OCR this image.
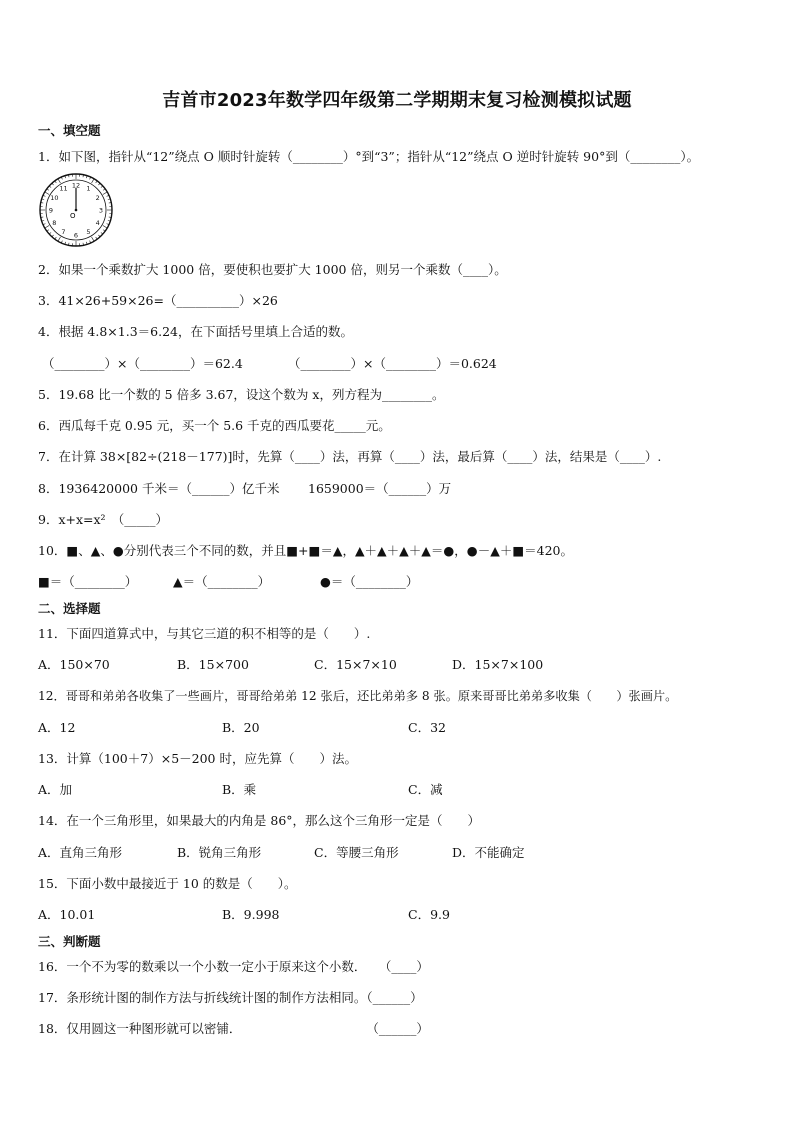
吉首市2023年数学四年级第二学期期末复习检测模拟试题
一、填空题
1．如下图，指针从“12”绕点 O 顺时针旋转（________）°到“3”；指针从“12”绕点 O 逆时针旋转 90°到（________）。
12 1
2
3
4
5
6
7
8
9
10
11
O
2．如果一个乘数扩大 1000 倍，要使积也要扩大 1000 倍，则另一个乘数（____）。
3．41×26+59×26=（__________）×26
4．根据 4.8×1.3＝6.24，在下面括号里填上合适的数。
（________）×（________）＝62.4	（________）×（________）＝0.624
5．19.68 比一个数的 5 倍多 3.67，设这个数为 x，列方程为________。
6．西瓜每千克 0.95 元，买一个 5.6 千克的西瓜要花_____元。
7．在计算 38×[82÷(218－177)]时，先算（____）法，再算（____）法，最后算（____）法，结果是（____）.
8．1936420000 千米＝（______）亿千米 1659000＝（______）万
9．x+x=x²　（_____）
10．■、▲、●分别代表三个不同的数，并且■+■＝▲，▲＋▲＋▲＋▲＝●，●－▲＋■＝420。
■＝（________）	▲＝（________）	●＝（________）
二、选择题
11．下面四道算式中，与其它三道的积不相等的是（　　）.
A．150×70	B．15×700	C．15×7×10	D．15×7×100
12．哥哥和弟弟各收集了一些画片，哥哥给弟弟 12 张后，还比弟弟多 8 张。原来哥哥比弟弟多收集（　　）张画片。
A．12	B．20	C．32
13．计算（100＋7）×5－200 时，应先算（　　）法。
A．加	B．乘	C．减
14．在一个三角形里，如果最大的内角是 86°，那么这个三角形一定是（　　）
A．直角三角形	B．锐角三角形	C．等腰三角形	D．不能确定
15．下面小数中最接近于 10 的数是（　　）。
A．10.01	B．9.998	C．9.9
三、判断题
16．一个不为零的数乘以一个小数一定小于原来这个小数．　　（____）
17．条形统计图的制作方法与折线统计图的制作方法相同。（______）
18．仅用圆这一种图形就可以密铺．　　　　　　　　　　　（______）
